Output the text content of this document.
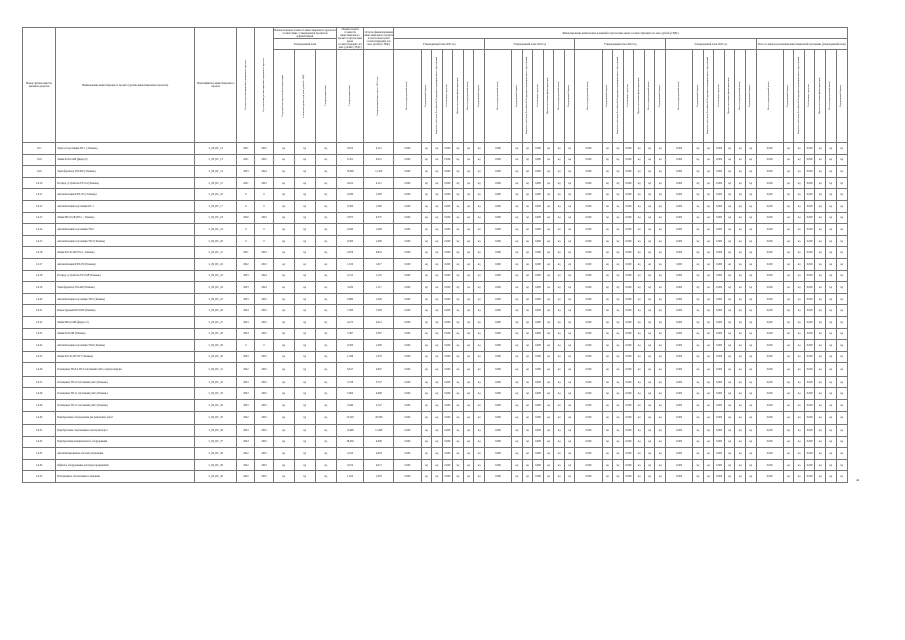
Номер группы инвести-ционных проектов	Наименование инвестиционного проекта (группы инвестиционных проектов)	Идентификатор инвестиционного проекта	Год начала реализации инвестиционного проекта	Год окончания реализации инвестиционного проекта	Полная плановая стоимость инвестиционного проекта в соответствии с утвержденной проектной документацией			Оценка полной стоимости инвестиционного проекта в прогнозных ценах соответствующих лет, млн. рублей (с НДС)	Остаток финансирования инвестиционного проекта в прогнозных ценах соответствующих лет, млн. рублей (с НДС)	Финансирование капитальных вложений в прогнозных ценах соответствующих лет, млн. рублей (с НДС)																																		
					Утвержденный план					Утвержденный план 2022 год							Утвержденный план 2023 год							Утвержденный план 2024 год							Утвержденный план 2025 год							Итого за период реализации инвестиционной программы (утвержденный план)						

					Год разработки проектной документации	в базисном уровне цен, млн. рублей с НДС	Утвержденный план	Утвержденный план	Утвержденный план в ценах 2023 года	Всего (утвержденный план)	Федеральный бюджет	Бюджеты субъектов Российской Федерации и муниципальных образований	Собственные средства	Прочие источники финансирования	Всего (утвержденный план)	Федеральный бюджет	Всего (утвержденный план)	Федеральный бюджет	Бюджеты субъектов Российской Федерации и муниципальных образований	Собственные средства	Прочие источники финансирования	Всего (утвержденный план)	Федеральный бюджет	Всего (утвержденный план)	Федеральный бюджет	Бюджеты субъектов Российской Федерации и муниципальных образований	Собственные средства	Прочие источники финансирования	Всего (утвержденный план)	Федеральный бюджет	Всего (утвержденный план)	Федеральный бюджет	Бюджеты субъектов Российской Федерации и муниципальных образований	Собственные средства	Прочие источники финансирования	Всего (утвержденный план)	Федеральный бюджет	Всего (утвержденный план)	Федеральный бюджет	Бюджеты субъектов Российской Федерации и муниципальных образований	Собственные средства	Прочие источники финансирования	Всего (утвержденный план)	Федеральный бюджет

1.6.7	Транс-я подстанция ТП-1 (-Тюмень)	L_08_ПС_12	2021	2025	нд	нд	нд	0,812	0,112	0,000	нд	нд	0,000	нд	нд	нд	0,000	нд	нд	0,000	нд	нд	нд	0,000	нд	нд	0,000	нд	нд	нд	0,000	нд	нд	0,000	нд	нд	нд	0,000	нд	нд	0,000	нд	нд	нд
1.6.8	Линия КЛ-0,4 кВ (фидер 9)	L_08_ПС_13	2021	2025	нд	нд	нд	0,321	0,021	0,000	нд	нд	0,000	нд	нд	нд	0,000	нд	нд	0,000	нд	нд	нд	0,000	нд	нд	0,000	нд	нд	нд	0,000	нд	нд	0,000	нд	нд	нд	0,000	нд	нд	0,000	нд	нд	нд
1.6.9	Трансформатор ТМ-630 (-Тюмень)	L_08_ПС_14	2023	2024	нд	нд	нд	13,000	11,100	0,000	нд	нд	0,000	нд	нд	нд	0,000	нд	нд	0,000	нд	нд	нд	0,000	нд	нд	0,000	нд	нд	нд	0,000	нд	нд	0,000	нд	нд	нд	0,000	нд	нд	0,000	нд	нд	нд
1.6.10	Распред. устройство РУ-0,4 (Тюмень)	L_08_ПС_15	2021	2023	нд	нд	нд	4,612	4,112	0,000	нд	нд	0,000	нд	нд	нд	0,000	нд	нд	0,000	нд	нд	нд	0,000	нд	нд	0,000	нд	нд	нд	0,000	нд	нд	0,000	нд	нд	нд	0,000	нд	нд	0,000	нд	нд	нд
1.6.11	Автоматизация КТП-125 (-Тюмень)	L_09_ПС_16	0	0	нд	нд	нд	0,260	1,000	0,000	нд	нд	0,000	нд	нд	нд	0,000	нд	нд	0,000	нд	нд	нд	0,000	нд	нд	0,000	нд	нд	нд	0,000	нд	нд	0,000	нд	нд	нд	0,000	нд	нд	0,000	нд	нд	нд
1.6.12	Автоматизация подстанции ПС-1	L_09_ПС_17	0	0	нд	нд	нд	0,500	1,000	0,000	нд	нд	0,000	нд	нд	нд	0,000	нд	нд	0,000	нд	нд	нд	0,000	нд	нд	0,000	нд	нд	нд	0,000	нд	нд	0,000	нд	нд	нд	0,000	нд	нд	0,000	нд	нд	нд
1.6.13	Линия ВЛ-10 кВ (ТП-1 - Тюмень)	L_09_ПС_18	2020	2023	нд	нд	нд	0,875	0,375	0,000	нд	нд	0,000	нд	нд	нд	0,000	нд	нд	0,000	нд	нд	нд	0,000	нд	нд	0,000	нд	нд	нд	0,000	нд	нд	0,000	нд	нд	нд	0,000	нд	нд	0,000	нд	нд	нд
1.6.14	Автоматизация подстанции ТП-2	L_09_ПС_19	0	0	нд	нд	нд	0,260	1,000	0,000	нд	нд	0,000	нд	нд	нд	0,000	нд	нд	0,000	нд	нд	нд	0,000	нд	нд	0,000	нд	нд	нд	0,000	нд	нд	0,000	нд	нд	нд	0,000	нд	нд	0,000	нд	нд	нд
1.6.15	Автоматизация подстанции ТП-3 (Тюмень)	L_09_ПС_20	0	0	нд	нд	нд	0,500	1,000	0,000	нд	нд	0,000	нд	нд	нд	0,000	нд	нд	0,000	нд	нд	нд	0,000	нд	нд	0,000	нд	нд	нд	0,000	нд	нд	0,000	нд	нд	нд	0,000	нд	нд	0,000	нд	нд	нд
1.6.16	Линия КЛ-10 кВ (ТП-4 - Тюмень)	L_09_ПС_21	2021	2023	нд	нд	нд	0,876	0,841	0,000	нд	нд	0,000	нд	нд	нд	0,000	нд	нд	0,000	нд	нд	нд	0,000	нд	нд	0,000	нд	нд	нд	0,000	нд	нд	0,000	нд	нд	нд	0,000	нд	нд	0,000	нд	нд	нд
1.6.17	Автоматизация КТП-250 (Тюмень)	L_09_ПС_22	2022	2023	нд	нд	нд	1,100	1,017	0,000	нд	нд	0,000	нд	нд	нд	0,000	нд	нд	0,000	нд	нд	нд	0,000	нд	нд	0,000	нд	нд	нд	0,000	нд	нд	0,000	нд	нд	нд	0,000	нд	нд	0,000	нд	нд	нд
1.6.18	Распред. устройство РУ-6 кВ (Тюмень)	L_09_ПС_23	2023	2024	нд	нд	нд	2,125	1,125	0,000	нд	нд	0,000	нд	нд	нд	0,000	нд	нд	0,000	нд	нд	нд	0,000	нд	нд	0,000	нд	нд	нд	0,000	нд	нд	0,000	нд	нд	нд	0,000	нд	нд	0,000	нд	нд	нд
1.6.19	Трансформатор ТМ-400 (Тюмень)	L_09_ПС_24	2023	2024	нд	нд	нд	3,220	1,117	0,000	нд	нд	0,000	нд	нд	нд	0,000	нд	нд	0,000	нд	нд	нд	0,000	нд	нд	0,000	нд	нд	нд	0,000	нд	нд	0,000	нд	нд	нд	0,000	нд	нд	0,000	нд	нд	нд
1.6.20	Автоматизация подстанции ТП-5 (Тюмень)	L_09_ПС_25	2023	2025	нд	нд	нд	0,890	1,000	0,000	нд	нд	0,000	нд	нд	нд	0,000	нд	нд	0,000	нд	нд	нд	0,000	нд	нд	0,000	нд	нд	нд	0,000	нд	нд	0,000	нд	нд	нд	0,000	нд	нд	0,000	нд	нд	нд
1.6.21	Реконструкция КТП-630 (Тюмень)	L_09_ПС_26	2024	2025	нд	нд	нд	7,283	7,283	0,000	нд	нд	0,000	нд	нд	нд	0,000	нд	нд	0,000	нд	нд	нд	0,000	нд	нд	0,000	нд	нд	нд	0,000	нд	нд	0,000	нд	нд	нд	0,000	нд	нд	0,000	нд	нд	нд
1.6.22	Линия ВЛ-0,4 кВ (фидер 12)	L_09_ПС_27	2024	2025	нд	нд	нд	4,212	4,212	0,000	нд	нд	0,000	нд	нд	нд	0,000	нд	нд	0,000	нд	нд	нд	0,000	нд	нд	0,000	нд	нд	нд	0,000	нд	нд	0,000	нд	нд	нд	0,000	нд	нд	0,000	нд	нд	нд
1.6.23	Линия КЛ-6 кВ (Тюмень)	L_09_ПС_28	2024	2025	нд	нд	нд	5,367	5,367	0,000	нд	нд	0,000	нд	нд	нд	0,000	нд	нд	0,000	нд	нд	нд	0,000	нд	нд	0,000	нд	нд	нд	0,000	нд	нд	0,000	нд	нд	нд	0,000	нд	нд	0,000	нд	нд	нд
1.6.24	Автоматизация подстанции ТП-6 (Тюмень)	L_09_ПС_29	0	0	нд	нд	нд	0,500	1,000	0,000	нд	нд	0,000	нд	нд	нд	0,000	нд	нд	0,000	нд	нд	нд	0,000	нд	нд	0,000	нд	нд	нд	0,000	нд	нд	0,000	нд	нд	нд	0,000	нд	нд	0,000	нд	нд	нд
1.6.25	Линия КЛ-10 кВ ТП-7 (Тюмень)	L_09_ПС_30	2023	2025	нд	нд	нд	1,438	1,070	0,000	нд	нд	0,000	нд	нд	нд	0,000	нд	нд	0,000	нд	нд	нд	0,000	нд	нд	0,000	нд	нд	нд	0,000	нд	нд	0,000	нд	нд	нд	0,000	нд	нд	0,000	нд	нд	нд
1.6.26	Оснащение ТП-8 и ТП-9 системами учёта электроэнергии	L_09_ПС_31	2022	2025	нд	нд	нд	6,617	4,607	0,000	нд	нд	0,000	нд	нд	нд	0,000	нд	нд	0,000	нд	нд	нд	0,000	нд	нд	0,000	нд	нд	нд	0,000	нд	нд	0,000	нд	нд	нд	0,000	нд	нд	0,000	нд	нд	нд
1.6.27	Оснащение ТП-10 системами учёта (Тюмень)	L_09_ПС_32	2023	2025	нд	нд	нд	3,758	3,757	0,000	нд	нд	0,000	нд	нд	нд	0,000	нд	нд	0,000	нд	нд	нд	0,000	нд	нд	0,000	нд	нд	нд	0,000	нд	нд	0,000	нд	нд	нд	0,000	нд	нд	0,000	нд	нд	нд
1.6.28	Оснащение ТП-11 системами учёта (Тюмень)	L_09_ПС_33	2023	2025	нд	нд	нд	5,904	4,999	0,000	нд	нд	0,000	нд	нд	нд	0,000	нд	нд	0,000	нд	нд	нд	0,000	нд	нд	0,000	нд	нд	нд	0,000	нд	нд	0,000	нд	нд	нд	0,000	нд	нд	0,000	нд	нд	нд
1.6.29	Оснащение ТП-12 системами учёта (Тюмень)	L_09_ПС_34	2023	2025	нд	нд	нд	3,449	3,147	0,000	нд	нд	0,000	нд	нд	нд	0,000	нд	нд	0,000	нд	нд	нд	0,000	нд	нд	0,000	нд	нд	нд	0,000	нд	нд	0,000	нд	нд	нд	0,000	нд	нд	0,000	нд	нд	нд
1.6.30	Приобретение оборудования для ремонтных работ	L_09_ПС_35	2022	2025	нд	нд	нд	25,520	20,500	0,000	нд	нд	0,000	нд	нд	нд	0,000	нд	нд	0,000	нд	нд	нд	0,000	нд	нд	0,000	нд	нд	нд	0,000	нд	нд	0,000	нд	нд	нд	0,000	нд	нд	0,000	нд	нд	нд
1.6.31	Приобретение спецтехники и автотранспорта	L_09_ПС_36	2023	2025	нд	нд	нд	11,999	11,299	0,000	нд	нд	0,000	нд	нд	нд	0,000	нд	нд	0,000	нд	нд	нд	0,000	нд	нд	0,000	нд	нд	нд	0,000	нд	нд	0,000	нд	нд	нд	0,000	нд	нд	0,000	нд	нд	нд
1.6.32	Приобретение измерительного оборудования	L_09_ПС_37	2024	2025	нд	нд	нд	36,456	4,000	0,000	нд	нд	0,000	нд	нд	нд	0,000	нд	нд	0,000	нд	нд	нд	0,000	нд	нд	0,000	нд	нд	нд	0,000	нд	нд	0,000	нд	нд	нд	0,000	нд	нд	0,000	нд	нд	нд
1.6.33	Автоматизированная система управления	L_09_ПС_38	2022	2023	нд	нд	нд	4,010	4,003	0,000	нд	нд	0,000	нд	нд	нд	0,000	нд	нд	0,000	нд	нд	нд	0,000	нд	нд	0,000	нд	нд	нд	0,000	нд	нд	0,000	нд	нд	нд	0,000	нд	нд	0,000	нд	нд	нд
1.6.34	Офисное оборудование для нужд предприятия	L_09_ПС_39	2022	2023	нд	нд	нд	0,474	0,471	0,000	нд	нд	0,000	нд	нд	нд	0,000	нд	нд	0,000	нд	нд	нд	0,000	нд	нд	0,000	нд	нд	нд	0,000	нд	нд	0,000	нд	нд	нд	0,000	нд	нд	0,000	нд	нд	нд
1.6.35	Программное обеспечение и лицензии	L_09_ПС_40	2022	2025	нд	нд	нд	1,010	1,005	0,000	нд	нд	0,000	нд	нд	нд	0,000	нд	нд	0,000	нд	нд	нд	0,000	нд	нд	0,000	нд	нд	нд	0,000	нд	нд	0,000	нд	нд	нд	0,000	нд	нд	0,000	нд	нд	нд
44
